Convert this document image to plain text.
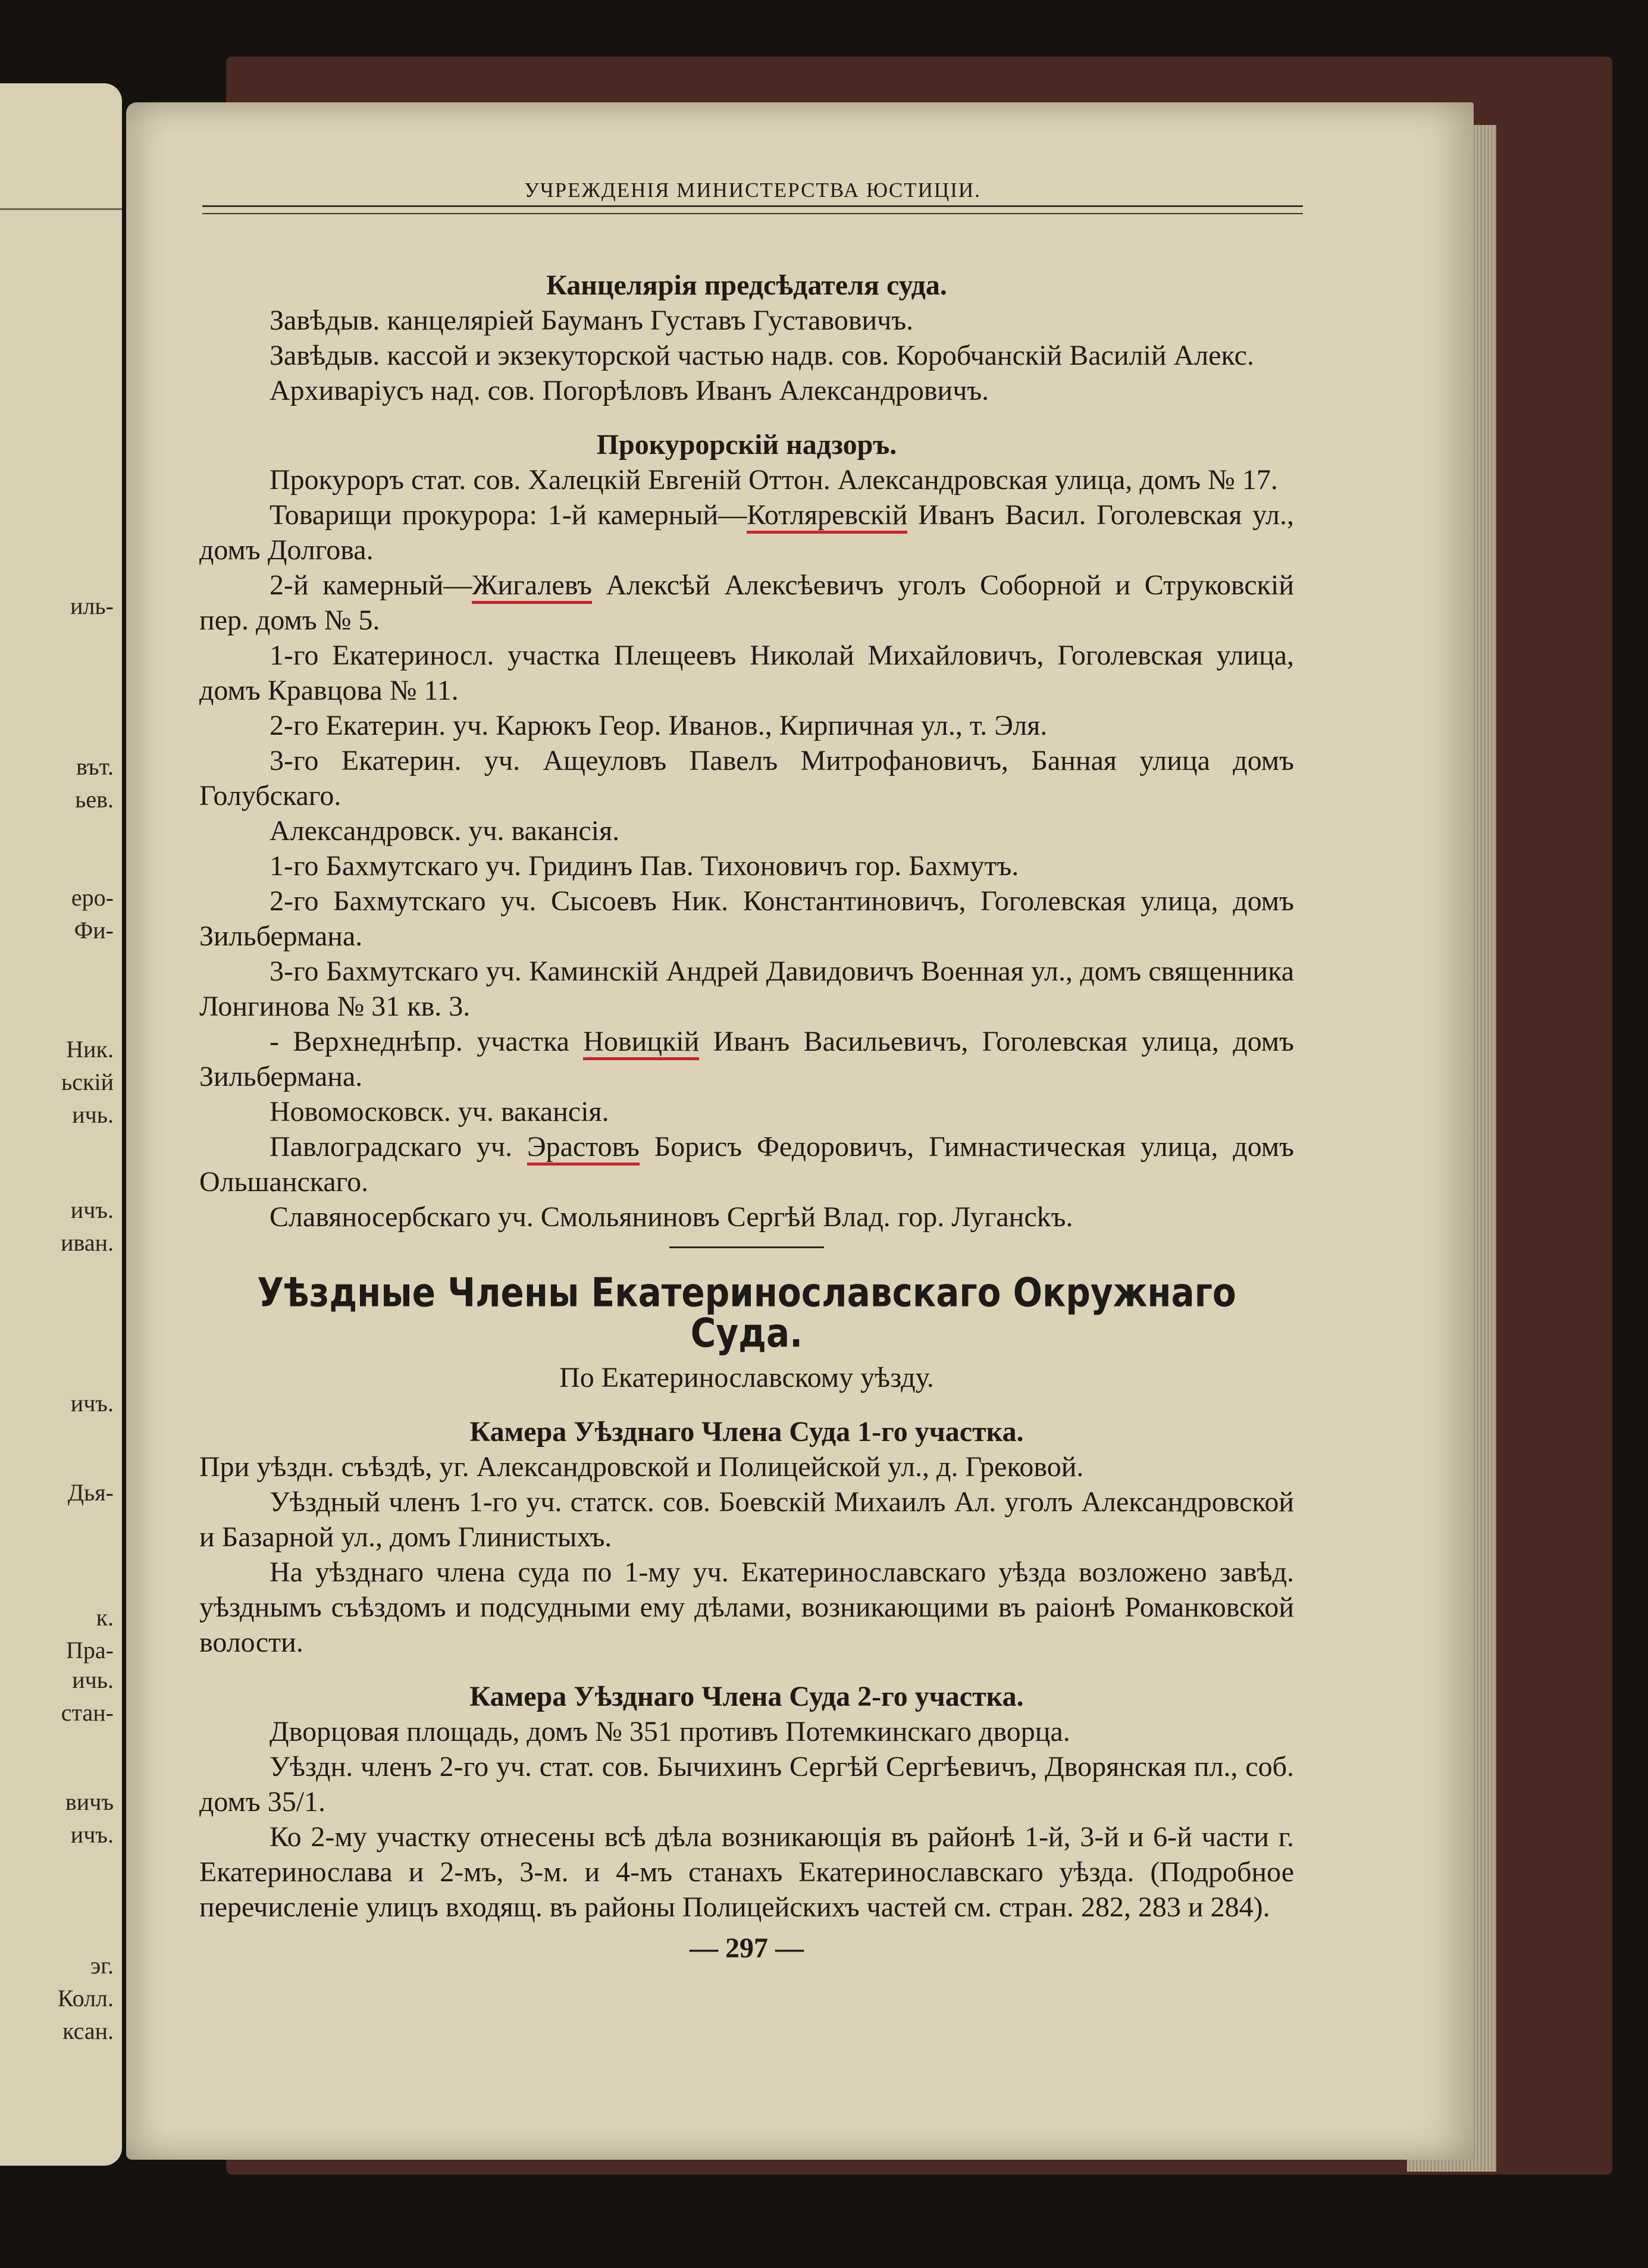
иль-
вът.
ьев.
еро-
Фи-
Ник.
ьскій
ичь.
ичъ.
иван.
ичъ.
Дья-
к.
Пра-
ичь.
стан-
вичъ
ичъ.
эг.
Колл.
ксан.
УЧРЕЖДЕНІЯ МИНИСТЕРСТВА ЮСТИЦІИ.

Канцелярія предсѣдателя суда.

Завѣдыв. канцеляріей Бауманъ Густавъ Густавовичъ.

Завѣдыв. кассой и экзекуторской частью надв. сов. Коробчанскій Василій Алекс.

Архиваріусъ над. сов. Погорѣловъ Иванъ Александровичъ.

Прокурорскій надзоръ.

Прокуроръ стат. сов. Халецкій Евгеній Оттон. Александровская улица, домъ № 17.

Товарищи прокурора: 1-й камерный—Котляревскій Иванъ Васил. Гоголевская ул., домъ Долгова.

2-й камерный—Жигалевъ Алексѣй Алексѣевичъ уголъ Соборной и Струковскій пер. домъ № 5.

1-го Екатериносл. участка Плещеевъ Николай Михайловичъ, Гоголевская улица, домъ Кравцова № 11.

2-го Екатерин. уч. Карюкъ Геор. Иванов., Кирпичная ул., т. Эля.

3-го Екатерин. уч. Ащеуловъ Павелъ Митрофановичъ, Банная улица домъ Голубскаго.

Александровск. уч. вакансія.

1-го Бахмутскаго уч. Гридинъ Пав. Тихоновичъ гор. Бахмутъ.

2-го Бахмутскаго уч. Сысоевъ Ник. Константиновичъ, Гоголевская улица, домъ Зильбермана.

3-го Бахмутскаго уч. Каминскій Андрей Давидовичъ Военная ул., домъ священника Лонгинова № 31 кв. 3.

- Верхнеднѣпр. участка Новицкій Иванъ Васильевичъ, Гоголевская улица, домъ Зильбермана.

Новомосковск. уч. вакансія.

Павлоградскаго уч. Эрастовъ Борисъ Федоровичъ, Гимнастическая улица, домъ Ольшанскаго.

Славяносербскаго уч. Смольяниновъ Сергѣй Влад. гор. Лугансkъ.

Уѣздные Члены Екатеринославскаго Окружнаго Суда.

По Екатеринославскому уѣзду.

Камера Уѣзднаго Члена Суда 1-го участка.

При уѣздн. съѣздѣ, уг. Александровской и Полицейской ул., д. Грековой.

Уѣздный членъ 1-го уч. статск. сов. Боевскій Михаилъ Ал. уголъ Александровской и Базарной ул., домъ Глинистыхъ.

На уѣзднаго члена суда по 1-му уч. Екатеринославскаго уѣзда возложено завѣд. уѣзднымъ съѣздомъ и подсудными ему дѣлами, возникающими въ раіонѣ Романковской волости.

Камера Уѣзднаго Члена Суда 2-го участка.

Дворцовая площадь, домъ № 351 противъ Потемкинскаго дворца.

Уѣздн. членъ 2-го уч. стат. сов. Бычихинъ Сергѣй Сергѣевичъ, Дворянская пл., соб. домъ 35/1.

Ко 2-му участку отнесены всѣ дѣла возникающія въ районѣ 1-й, 3-й и 6-й части г. Екатеринослава и 2-мъ, 3-м. и 4-мъ станахъ Екатеринославскаго уѣзда. (Подробное перечисленіе улицъ входящ. въ районы Полицейскихъ частей см. стран. 282, 283 и 284).

— 297 —
